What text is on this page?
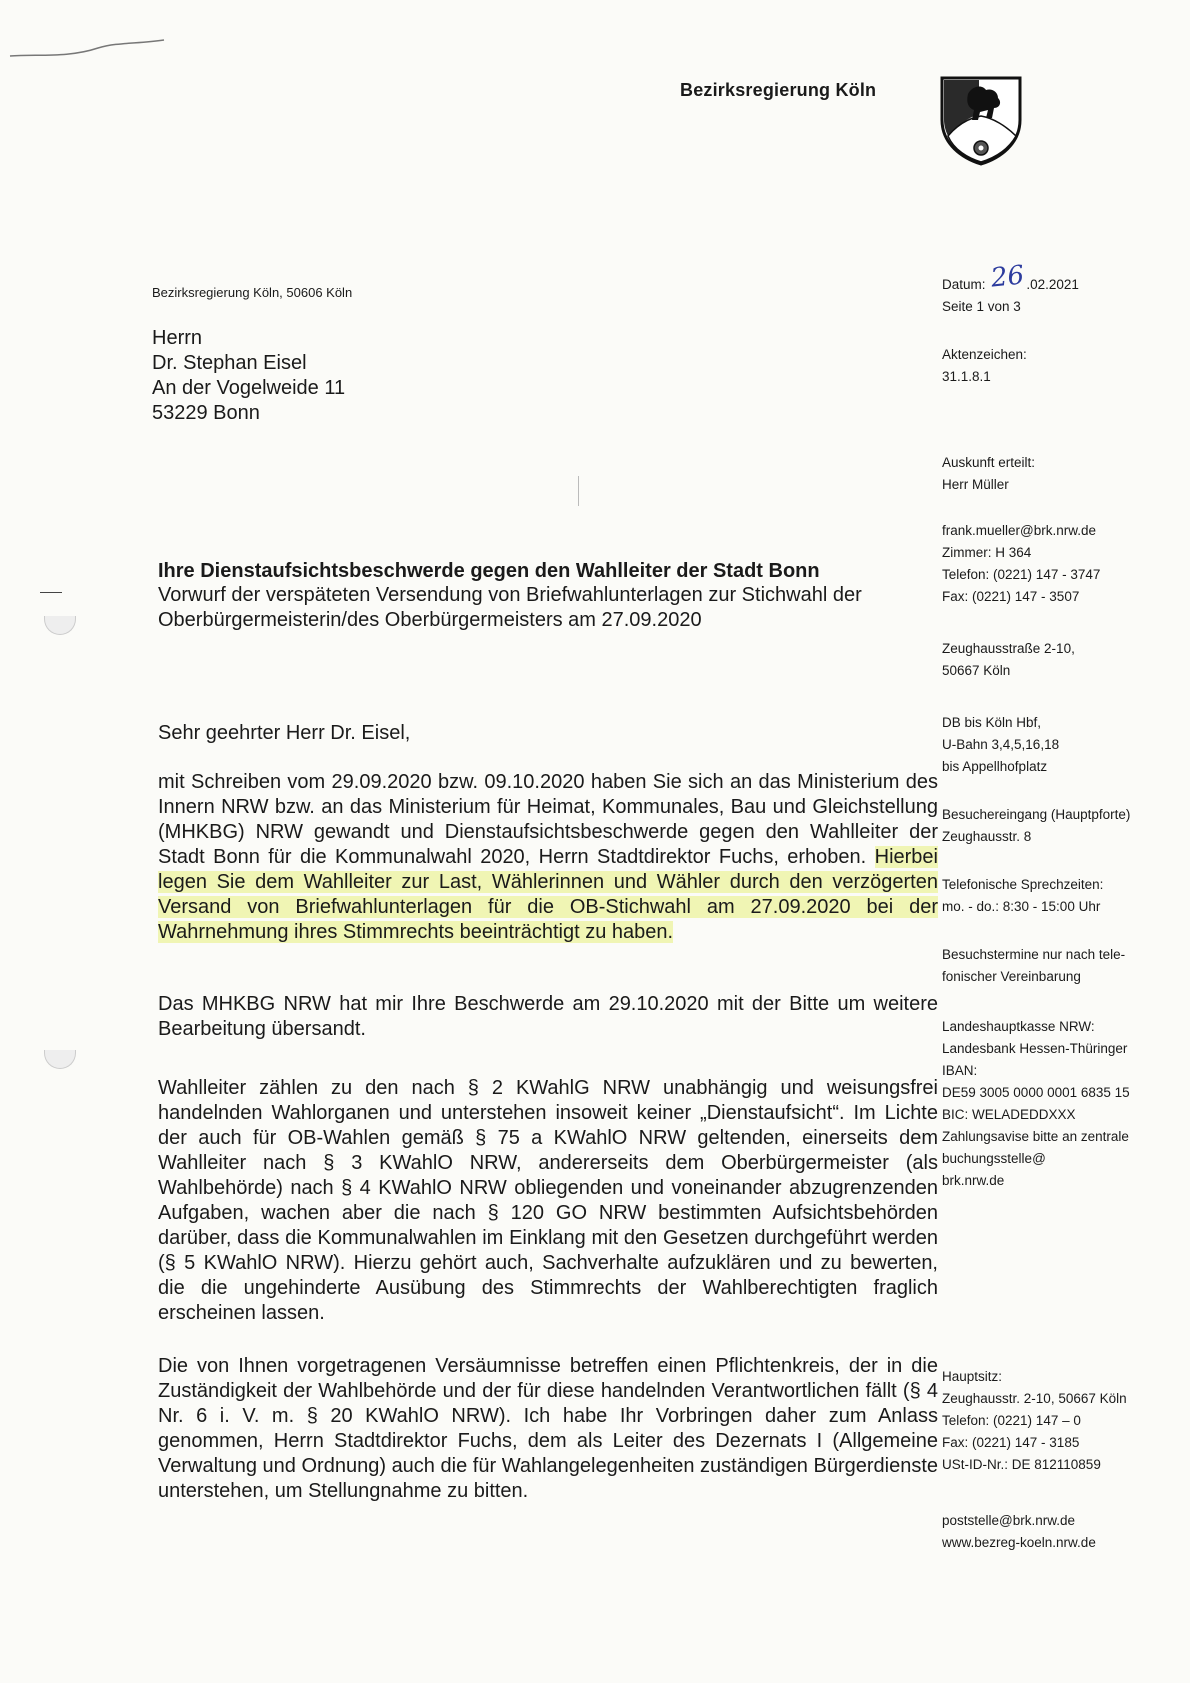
Bezirksregierung Köln
Bezirksregierung Köln, 50606 Köln
Herrn
Dr. Stephan Eisel
An der Vogelweide 11
53229 Bonn
Datum: 26.02.2021
Seite 1 von 3
Aktenzeichen:
31.1.8.1
Auskunft erteilt:
Herr Müller
frank.mueller@brk.nrw.de
Zimmer: H 364
Telefon: (0221) 147 - 3747
Fax: (0221) 147 - 3507
Zeughausstraße 2-10,
50667 Köln
DB bis Köln Hbf,
U-Bahn 3,4,5,16,18
bis Appellhofplatz
Besuchereingang (Hauptpforte)
Zeughausstr. 8
Telefonische Sprechzeiten:
mo. - do.: 8:30 - 15:00 Uhr
Besuchstermine nur nach tele-
fonischer Vereinbarung
Landeshauptkasse NRW:
Landesbank Hessen-Thüringer
IBAN:
DE59 3005 0000 0001 6835 15
BIC: WELADEDDXXX
Zahlungsavise bitte an zentrale
buchungsstelle@
brk.nrw.de
Hauptsitz:
Zeughausstr. 2-10, 50667 Köln
Telefon: (0221) 147 – 0
Fax: (0221) 147 - 3185
USt-ID-Nr.: DE 812110859
poststelle@brk.nrw.de
www.bezreg-koeln.nrw.de
Ihre Dienstaufsichtsbeschwerde gegen den Wahlleiter der Stadt Bonn
Vorwurf der verspäteten Versendung von Briefwahlunterlagen zur Stichwahl der
Oberbürgermeisterin/des Oberbürgermeisters am 27.09.2020
Sehr geehrter Herr Dr. Eisel,
mit Schreiben vom 29.09.2020 bzw. 09.10.2020 haben Sie sich an das Ministerium des Innern NRW bzw. an das Ministerium für Heimat, Kommunales, Bau und Gleichstellung (MHKBG) NRW gewandt und Dienstaufsichtsbeschwerde gegen den Wahlleiter der Stadt Bonn für die Kommunalwahl 2020, Herrn Stadtdirektor Fuchs, erhoben. Hierbei legen Sie dem Wahlleiter zur Last, Wählerinnen und Wähler durch den verzögerten Versand von Briefwahlunterlagen für die OB-Stichwahl am 27.09.2020 bei der Wahrnehmung ihres Stimmrechts beeinträchtigt zu haben.
Das MHKBG NRW hat mir Ihre Beschwerde am 29.10.2020 mit der Bitte um weitere Bearbeitung übersandt.
Wahlleiter zählen zu den nach § 2 KWahlG NRW unabhängig und weisungsfrei handelnden Wahlorganen und unterstehen insoweit keiner „Dienstaufsicht“. Im Lichte der auch für OB-Wahlen gemäß § 75 a KWahlO NRW geltenden, einerseits dem Wahlleiter nach § 3 KWahlO NRW, andererseits dem Oberbürgermeister (als Wahlbehörde) nach § 4 KWahlO NRW obliegenden und voneinander abzugrenzenden Aufgaben, wachen aber die nach § 120 GO NRW bestimmten Aufsichtsbehörden darüber, dass die Kommunalwahlen im Einklang mit den Gesetzen durchgeführt werden (§ 5 KWahlO NRW). Hierzu gehört auch, Sachverhalte aufzuklären und zu bewerten, die die ungehinderte Ausübung des Stimmrechts der Wahlberechtigten fraglich erscheinen lassen.
Die von Ihnen vorgetragenen Versäumnisse betreffen einen Pflichtenkreis, der in die Zuständigkeit der Wahlbehörde und der für diese handelnden Verantwortlichen fällt (§ 4 Nr. 6 i. V. m. § 20 KWahlO NRW). Ich habe Ihr Vorbringen daher zum Anlass genommen, Herrn Stadtdirektor Fuchs, dem als Leiter des Dezernats I (Allgemeine Verwaltung und Ordnung) auch die für Wahlangelegenheiten zuständigen Bürgerdienste unterstehen, um Stellungnahme zu bitten.
